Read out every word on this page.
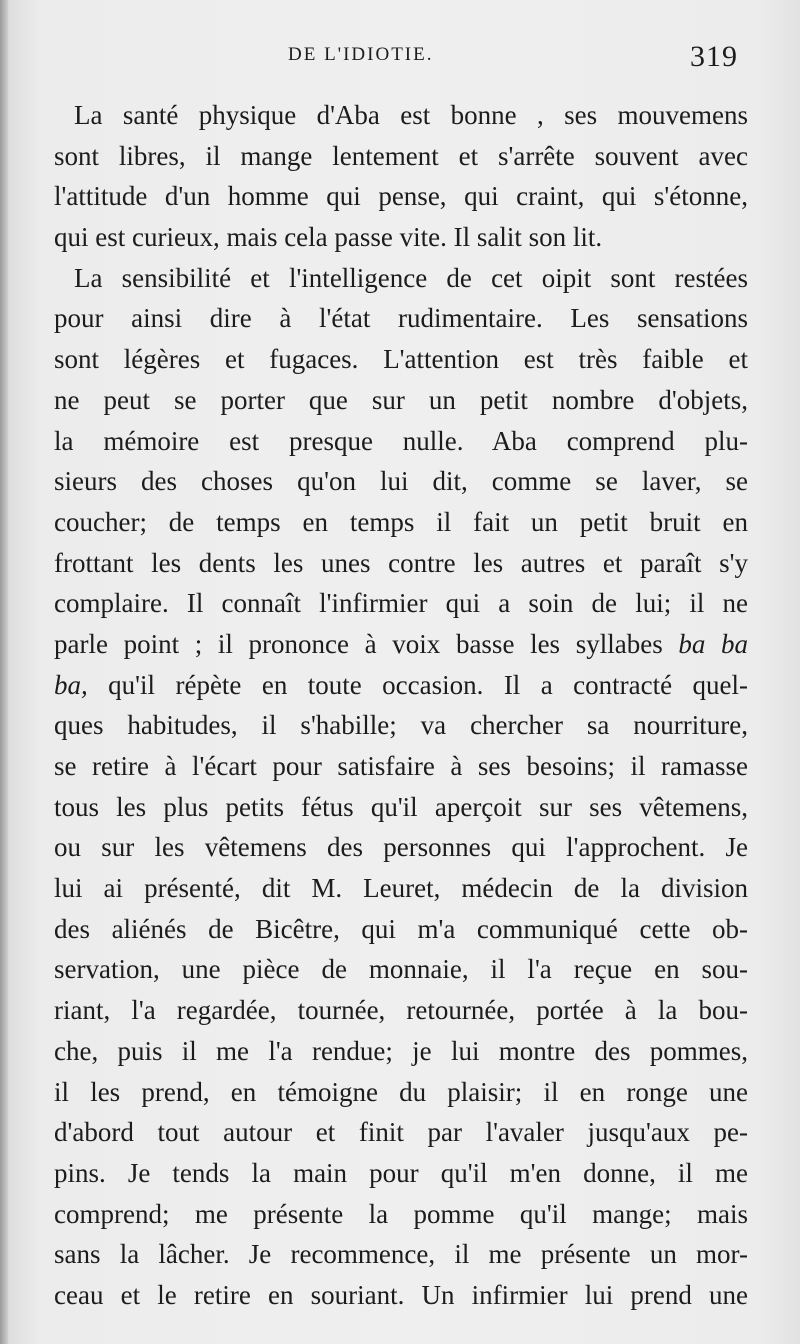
DE L'IDIOTIE.	319
La santé physique d'Aba est bonne , ses mouvemens
sont libres, il mange lentement et s'arrête souvent avec
l'attitude d'un homme qui pense, qui craint, qui s'étonne,
qui est curieux, mais cela passe vite. Il salit son lit.
La sensibilité et l'intelligence de cet oipit sont restées
pour ainsi dire à l'état rudimentaire. Les sensations
sont légères et fugaces. L'attention est très faible et
ne peut se porter que sur un petit nombre d'objets,
la mémoire est presque nulle. Aba comprend plu-
sieurs des choses qu'on lui dit, comme se laver, se
coucher; de temps en temps il fait un petit bruit en
frottant les dents les unes contre les autres et paraît s'y
complaire. Il connaît l'infirmier qui a soin de lui; il ne
parle point ; il prononce à voix basse les syllabes ba ba
ba, qu'il répète en toute occasion. Il a contracté quel-
ques habitudes, il s'habille; va chercher sa nourriture,
se retire à l'écart pour satisfaire à ses besoins; il ramasse
tous les plus petits fétus qu'il aperçoit sur ses vêtemens,
ou sur les vêtemens des personnes qui l'approchent. Je
lui ai présenté, dit M. Leuret, médecin de la division
des aliénés de Bicêtre, qui m'a communiqué cette ob-
servation, une pièce de monnaie, il l'a reçue en sou-
riant, l'a regardée, tournée, retournée, portée à la bou-
che, puis il me l'a rendue; je lui montre des pommes,
il les prend, en témoigne du plaisir; il en ronge une
d'abord tout autour et finit par l'avaler jusqu'aux pe-
pins. Je tends la main pour qu'il m'en donne, il me
comprend; me présente la pomme qu'il mange; mais
sans la lâcher. Je recommence, il me présente un mor-
ceau et le retire en souriant. Un infirmier lui prend une
